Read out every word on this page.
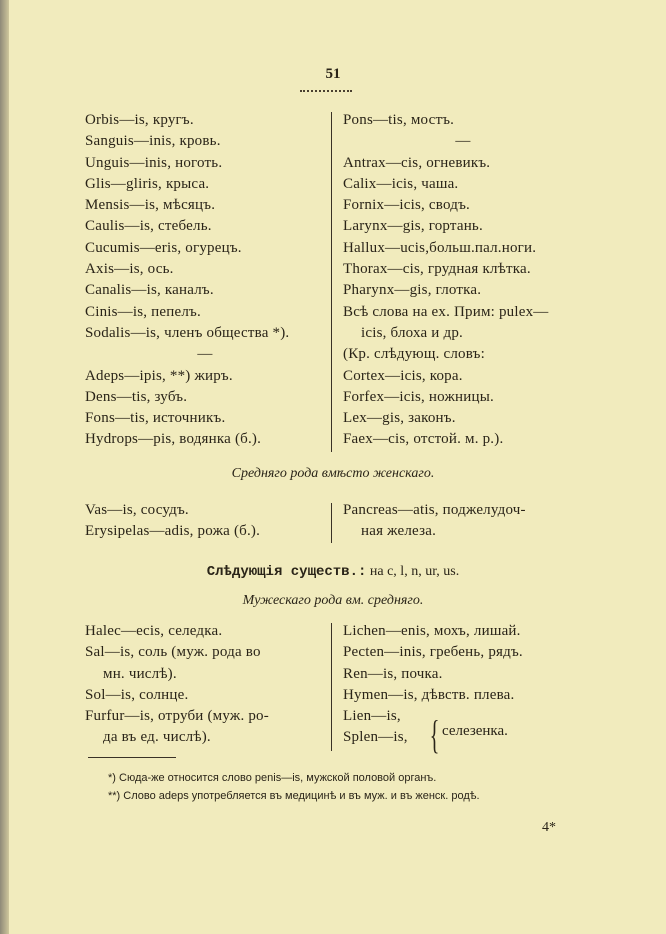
51
Orbis—is, кругъ.
Sanguis—inis, кровь.
Unguis—inis, ноготь.
Glis—gliris, крыса.
Mensis—is, мѣсяцъ.
Caulis—is, стебель.
Cucumis—eris, огурецъ.
Axis—is, ось.
Canalis—is, каналъ.
Cinis—is, пепелъ.
Sodalis—is, членъ общества *).
—
Adeps—ipis, **) жиръ.
Dens—tis, зубъ.
Fons—tis, источникъ.
Hydrops—pis, водянка (б.).
Pons—tis, мостъ.
—
Antrax—cis, огневикъ.
Calix—icis, чаша.
Fornix—icis, сводъ.
Larynx—gis, гортань.
Hallux—ucis,больш.пал.ноги.
Thorax—cis, грудная клѣтка.
Pharynx—gis, глотка.
Всѣ слова на ex. Прим: pulex—
icis, блоха и др.
(Кр. слѣдующ. словъ:
Cortex—icis, кора.
Forfex—icis, ножницы.
Lex—gis, законъ.
Faex—cis, отстой. м. р.).
Средняго рода вмѣсто женскаго.
Vas—is, сосудъ.
Erysipelas—adis, рожа (б.).
Pancreas—atis, поджелудоч-
ная железа.
Слѣдующія существ.: на c, l, n, ur, us.
Мужескаго рода вм. средняго.
Halec—ecis, селедка.
Sal—is, соль (муж. рода во
мн. числѣ).
Sol—is, солнце.
Furfur—is, отруби (муж. ро-
да въ ед. числѣ).
Lichen—enis, мохъ, лишай.
Pecten—inis, гребень, рядъ.
Ren—is, почка.
Hymen—is, дѣвств. плева.
Lien—is,
Splen—is, { селезенка.
*) Сюда-же относится слово penis—is, мужской половой органъ.
**) Слово adeps употребляется въ медицинѣ и въ муж. и въ женск. родѣ.
4*
